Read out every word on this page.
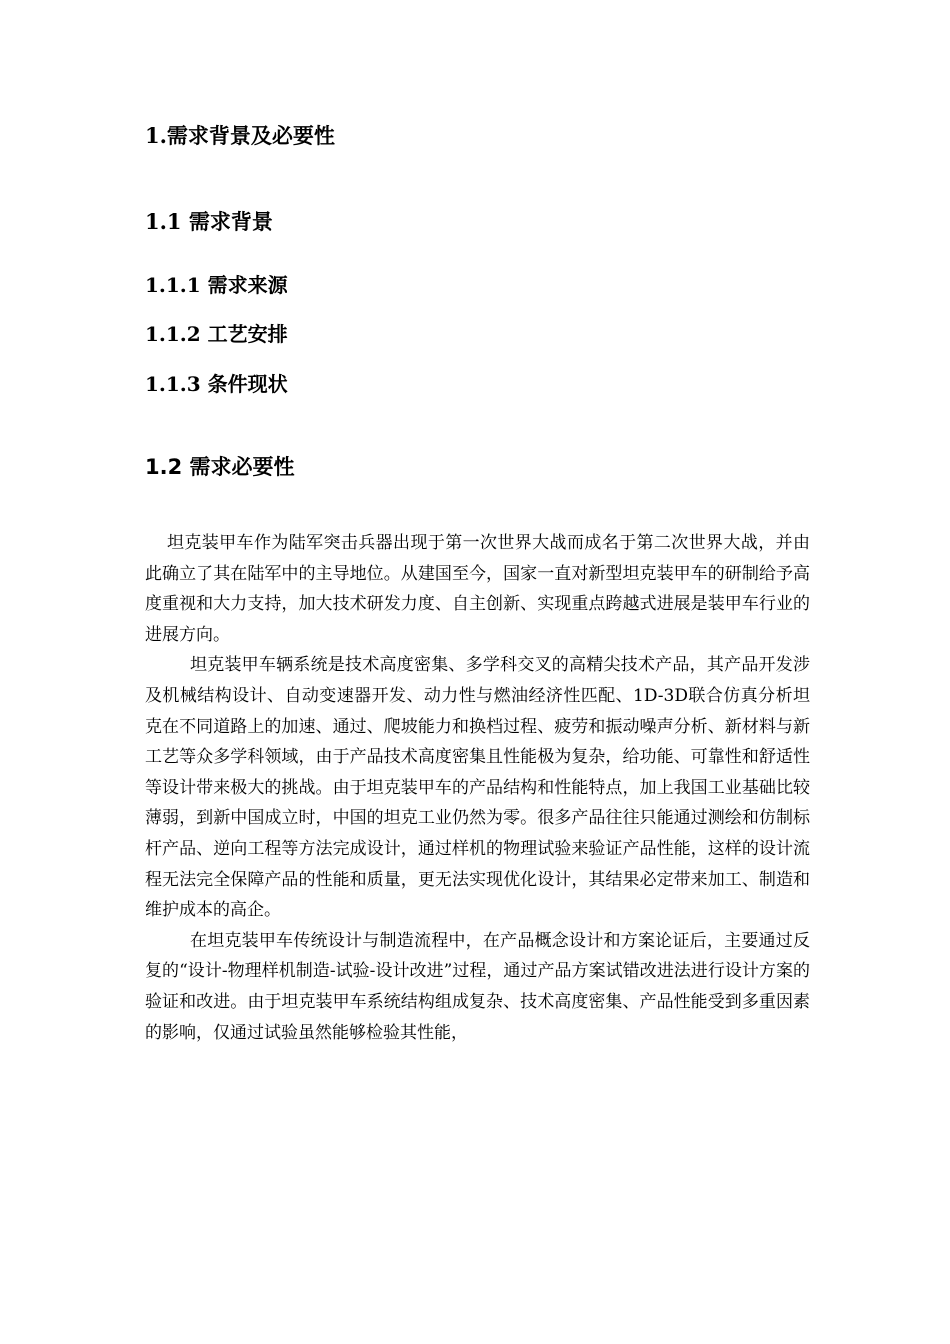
1.需求背景及必要性
1.1 需求背景
1.1.1 需求来源
1.1.2 工艺安排
1.1.3 条件现状
1.2 需求必要性

坦克装甲车作为陆军突击兵器出现于第一次世界大战而成名于第二次世界大战，并由此确立了其在陆军中的主导地位。从建国至今，国家一直对新型坦克装甲车的研制给予高度重视和大力支持，加大技术研发力度、自主创新、实现重点跨越式进展是装甲车行业的进展方向。

坦克装甲车辆系统是技术高度密集、多学科交叉的高精尖技术产品，其产品开发涉及机械结构设计、自动变速器开发、动力性与燃油经济性匹配、1D-3D联合仿真分析坦克在不同道路上的加速、通过、爬坡能力和换档过程、疲劳和振动噪声分析、新材料与新工艺等众多学科领域，由于产品技术高度密集且性能极为复杂，给功能、可靠性和舒适性等设计带来极大的挑战。由于坦克装甲车的产品结构和性能特点，加上我国工业基础比较薄弱，到新中国成立时，中国的坦克工业仍然为零。很多产品往往只能通过测绘和仿制标杆产品、逆向工程等方法完成设计，通过样机的物理试验来验证产品性能，这样的设计流程无法完全保障产品的性能和质量，更无法实现优化设计，其结果必定带来加工、制造和维护成本的高企。

在坦克装甲车传统设计与制造流程中，在产品概念设计和方案论证后，主要通过反复的“设计-物理样机制造-试验-设计改进”过程，通过产品方案试错改进法进行设计方案的验证和改进。由于坦克装甲车系统结构组成复杂、技术高度密集、产品性能受到多重因素的影响，仅通过试验虽然能够检验其性能，
